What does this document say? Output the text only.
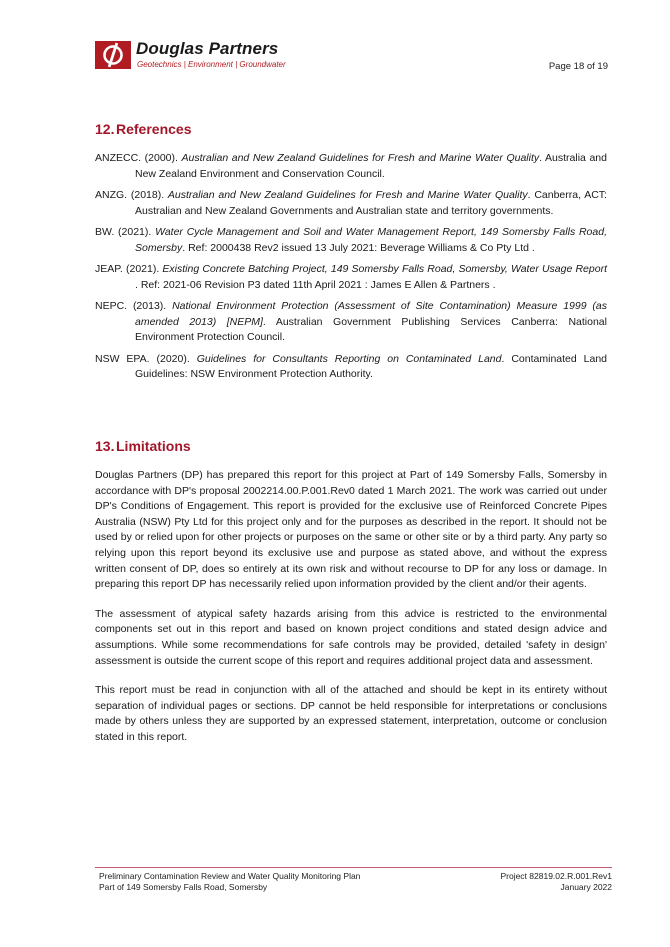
Douglas Partners
Geotechnics | Environment | Groundwater	Page 18 of 19
12. References

ANZECC. (2000). Australian and New Zealand Guidelines for Fresh and Marine Water Quality. Australia and New Zealand Environment and Conservation Council.

ANZG. (2018). Australian and New Zealand Guidelines for Fresh and Marine Water Quality. Canberra, ACT: Australian and New Zealand Governments and Australian state and territory governments.

BW. (2021). Water Cycle Management and Soil and Water Management Report, 149 Somersby Falls Road, Somersby. Ref: 2000438 Rev2 issued 13 July 2021: Beverage Williams & Co Pty Ltd .

JEAP. (2021). Existing Concrete Batching Project, 149 Somersby Falls Road, Somersby, Water Usage Report . Ref: 2021-06 Revision P3 dated 11th April 2021 : James E Allen & Partners .

NEPC. (2013). National Environment Protection (Assessment of Site Contamination) Measure 1999 (as amended 2013) [NEPM]. Australian Government Publishing Services Canberra: National Environment Protection Council.

NSW EPA. (2020). Guidelines for Consultants Reporting on Contaminated Land. Contaminated Land Guidelines: NSW Environment Protection Authority.

13. Limitations

Douglas Partners (DP) has prepared this report for this project at Part of 149 Somersby Falls, Somersby in accordance with DP's proposal 2002214.00.P.001.Rev0 dated 1 March 2021. The work was carried out under DP's Conditions of Engagement. This report is provided for the exclusive use of Reinforced Concrete Pipes Australia (NSW) Pty Ltd for this project only and for the purposes as described in the report. It should not be used by or relied upon for other projects or purposes on the same or other site or by a third party. Any party so relying upon this report beyond its exclusive use and purpose as stated above, and without the express written consent of DP, does so entirely at its own risk and without recourse to DP for any loss or damage. In preparing this report DP has necessarily relied upon information provided by the client and/or their agents.

The assessment of atypical safety hazards arising from this advice is restricted to the environmental components set out in this report and based on known project conditions and stated design advice and assumptions. While some recommendations for safe controls may be provided, detailed 'safety in design' assessment is outside the current scope of this report and requires additional project data and assessment.

This report must be read in conjunction with all of the attached and should be kept in its entirety without separation of individual pages or sections. DP cannot be held responsible for interpretations or conclusions made by others unless they are supported by an expressed statement, interpretation, outcome or conclusion stated in this report.

Preliminary Contamination Review and Water Quality Monitoring Plan
Part of 149 Somersby Falls Road, Somersby
Project 82819.02.R.001.Rev1
January 2022
